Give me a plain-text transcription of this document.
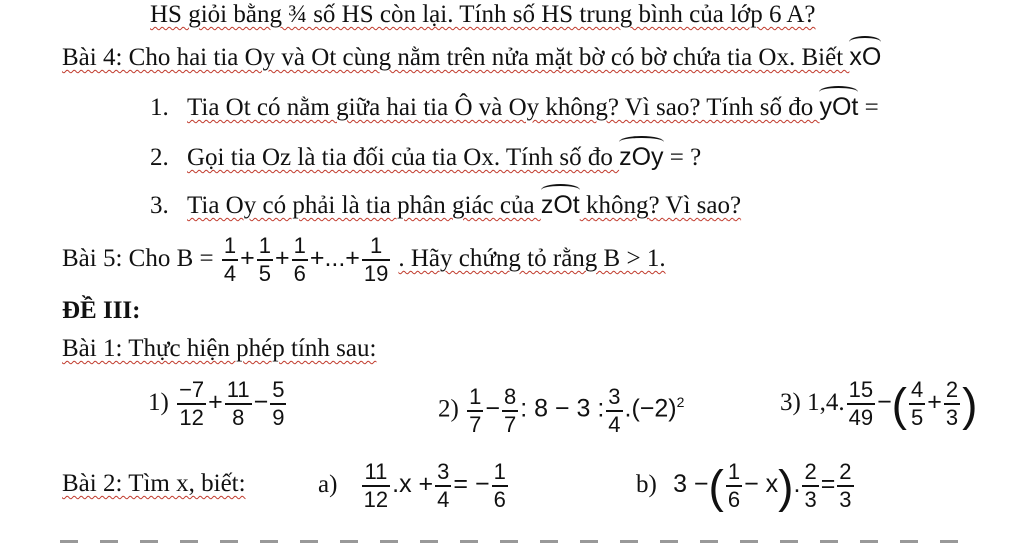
HS giỏi bằng ¾ số HS còn lại. Tính số HS trung bình của lớp 6 A?
Bài 4: Cho hai tia Oy và Ot cùng nằm trên nửa mặt bờ có bờ chứa tia Ox. Biết xO
1. Tia Ot có nằm giữa hai tia Ô và Oy không? Vì sao? Tính số đo yOt =
2. Gọi tia Oz là tia đối của tia Ox. Tính số đo zOy = ?
3. Tia Oy có phải là tia phân giác của zOt không? Vì sao?
Bài 5: Cho $B = \frac{1}{4} + \frac{1}{5} + \frac{1}{6}$ +...+ $\frac{1}{19}$ . Hãy chứng tỏ rằng B > 1.
ĐỀ III:
Bài 1: Thực hiện phép tính sau:
$1) \frac{-7}{12} + \frac{11}{8} - \frac{5}{9}$	$2) \frac{1}{7} - \frac{8}{7}$ : 8 − 3 : $\frac{3}{4} .(-2)^2$	3) 1,4. $\frac{15}{49}$ −( $\frac{4}{5} + \frac{2}{3}$ )
Bài 2: Tìm x, biết:	$a) \frac{11}{12} .x + \frac{3}{4}$ = − $\frac{1}{6}$	b) 3 −( $\frac{1}{6} - x$). $\frac{2}{3} = \frac{2}{3}$
